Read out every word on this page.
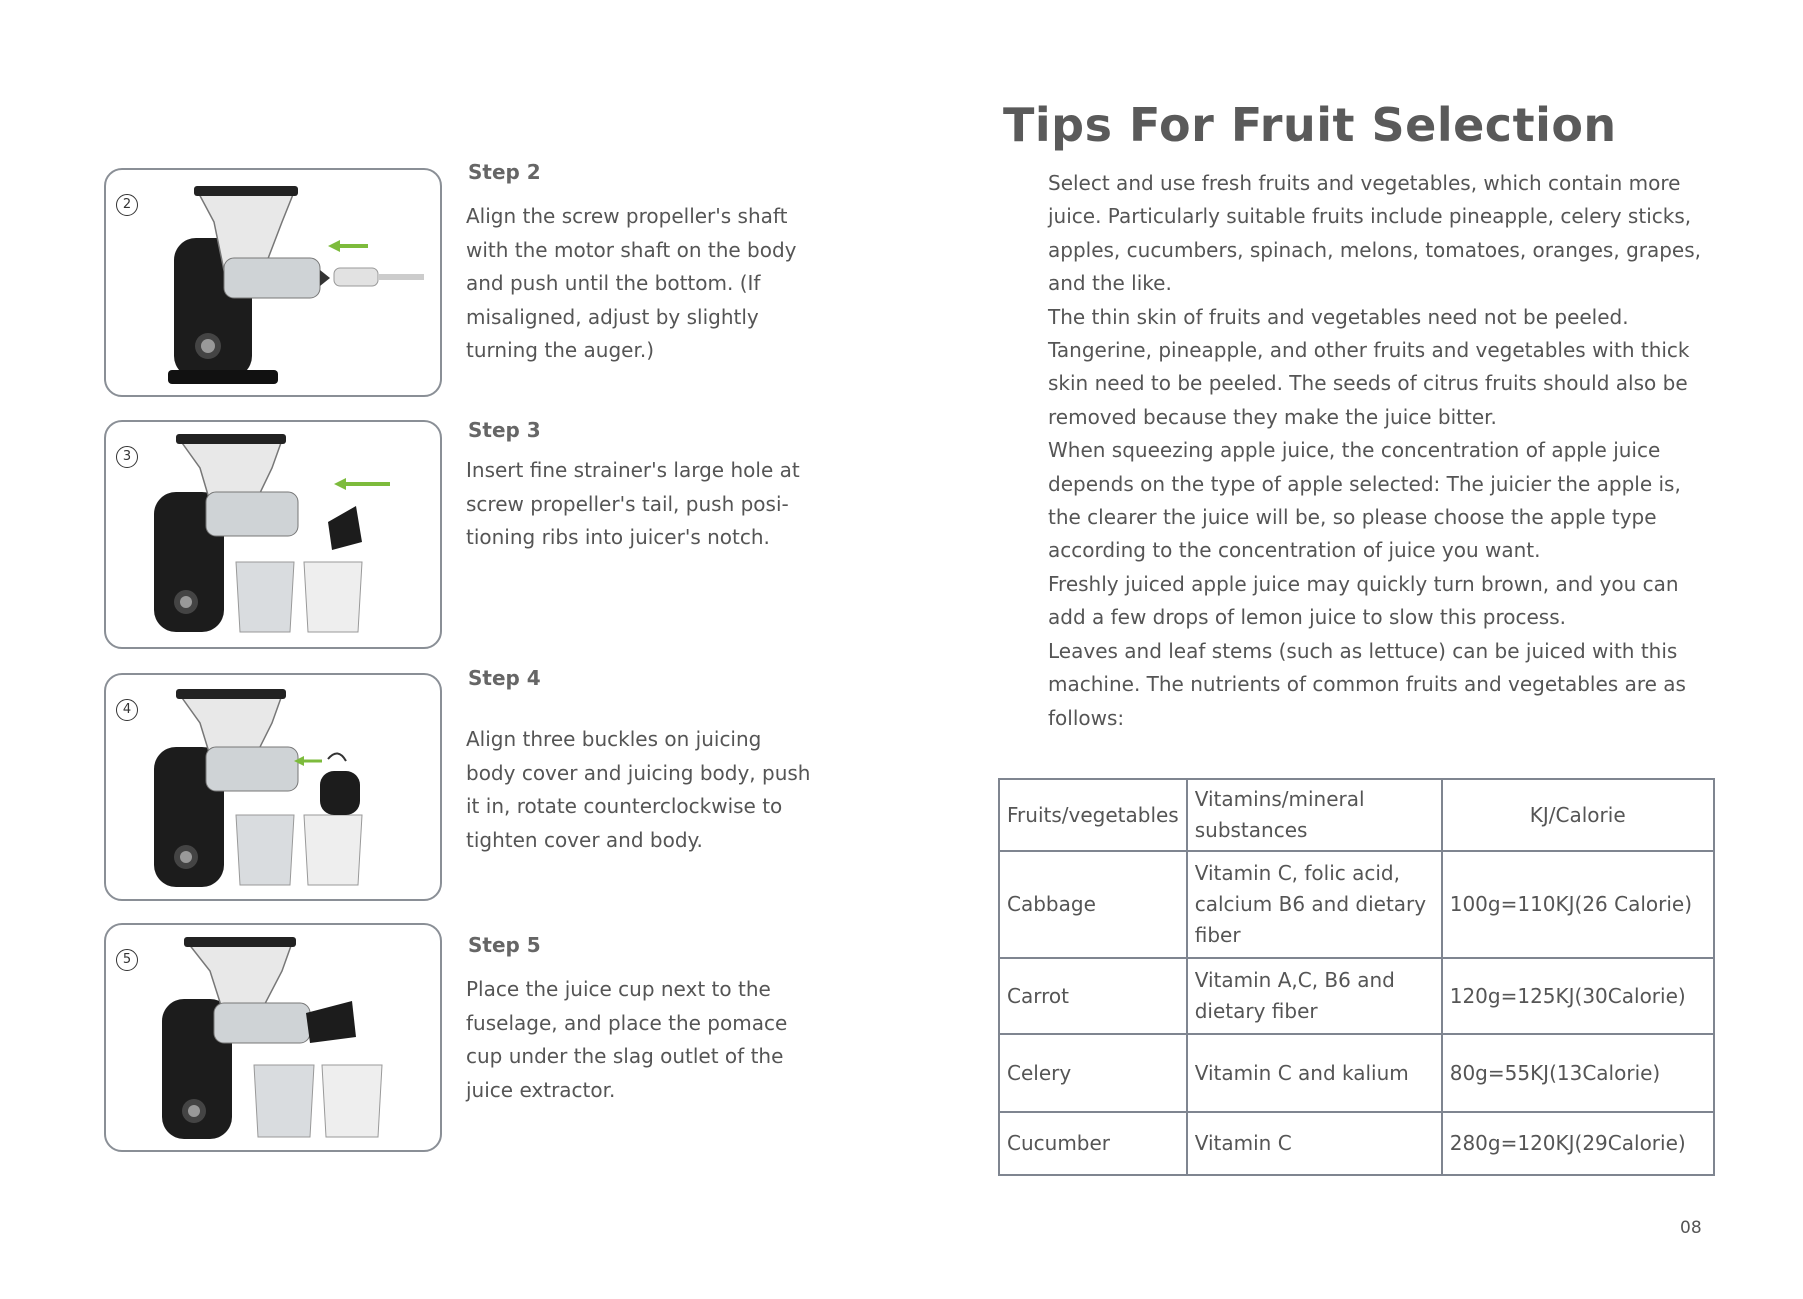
2
3
4
5
Step 2
Align the screw propeller's shaft
with the motor shaft on the body
and push until the bottom. (If
misaligned, adjust by slightly
turning the auger.)
Step 3
Insert fine strainer's large hole at
screw propeller's tail, push posi-
tioning ribs into juicer's notch.
Step 4
Align three buckles on juicing
body cover and juicing body, push
it in, rotate counterclockwise to
tighten cover and body.
Step 5
Place the juice cup next to the
fuselage, and place the pomace
cup under the slag outlet of the
juice extractor.
Tips For Fruit Selection

Select and use fresh fruits and vegetables, which contain more

juice. Particularly suitable fruits include pineapple, celery sticks,

apples, cucumbers, spinach, melons, tomatoes, oranges, grapes,

and the like.

The thin skin of fruits and vegetables need not be peeled.

Tangerine, pineapple, and other fruits and vegetables with thick

skin need to be peeled. The seeds of citrus fruits should also be

removed because they make the juice bitter.

When squeezing apple juice, the concentration of apple juice

depends on the type of apple selected: The juicier the apple is,

the clearer the juice will be, so please choose the apple type

according to the concentration of juice you want.

Freshly juiced apple juice may quickly turn brown, and you can

add a few drops of lemon juice to slow this process.

Leaves and leaf stems (such as lettuce) can be juiced with this

machine. The nutrients of common fruits and vegetables are as

follows:

Fruits/vegetables	Vitamins/mineral substances	KJ/Calorie
Cabbage	Vitamin C, folic acid, calcium B6 and dietary fiber	100g=110KJ(26 Calorie)
Carrot	Vitamin A,C, B6 and dietary fiber	120g=125KJ(30Calorie)
Celery	Vitamin C and kalium	80g=55KJ(13Calorie)
Cucumber	Vitamin C	280g=120KJ(29Calorie)
08
